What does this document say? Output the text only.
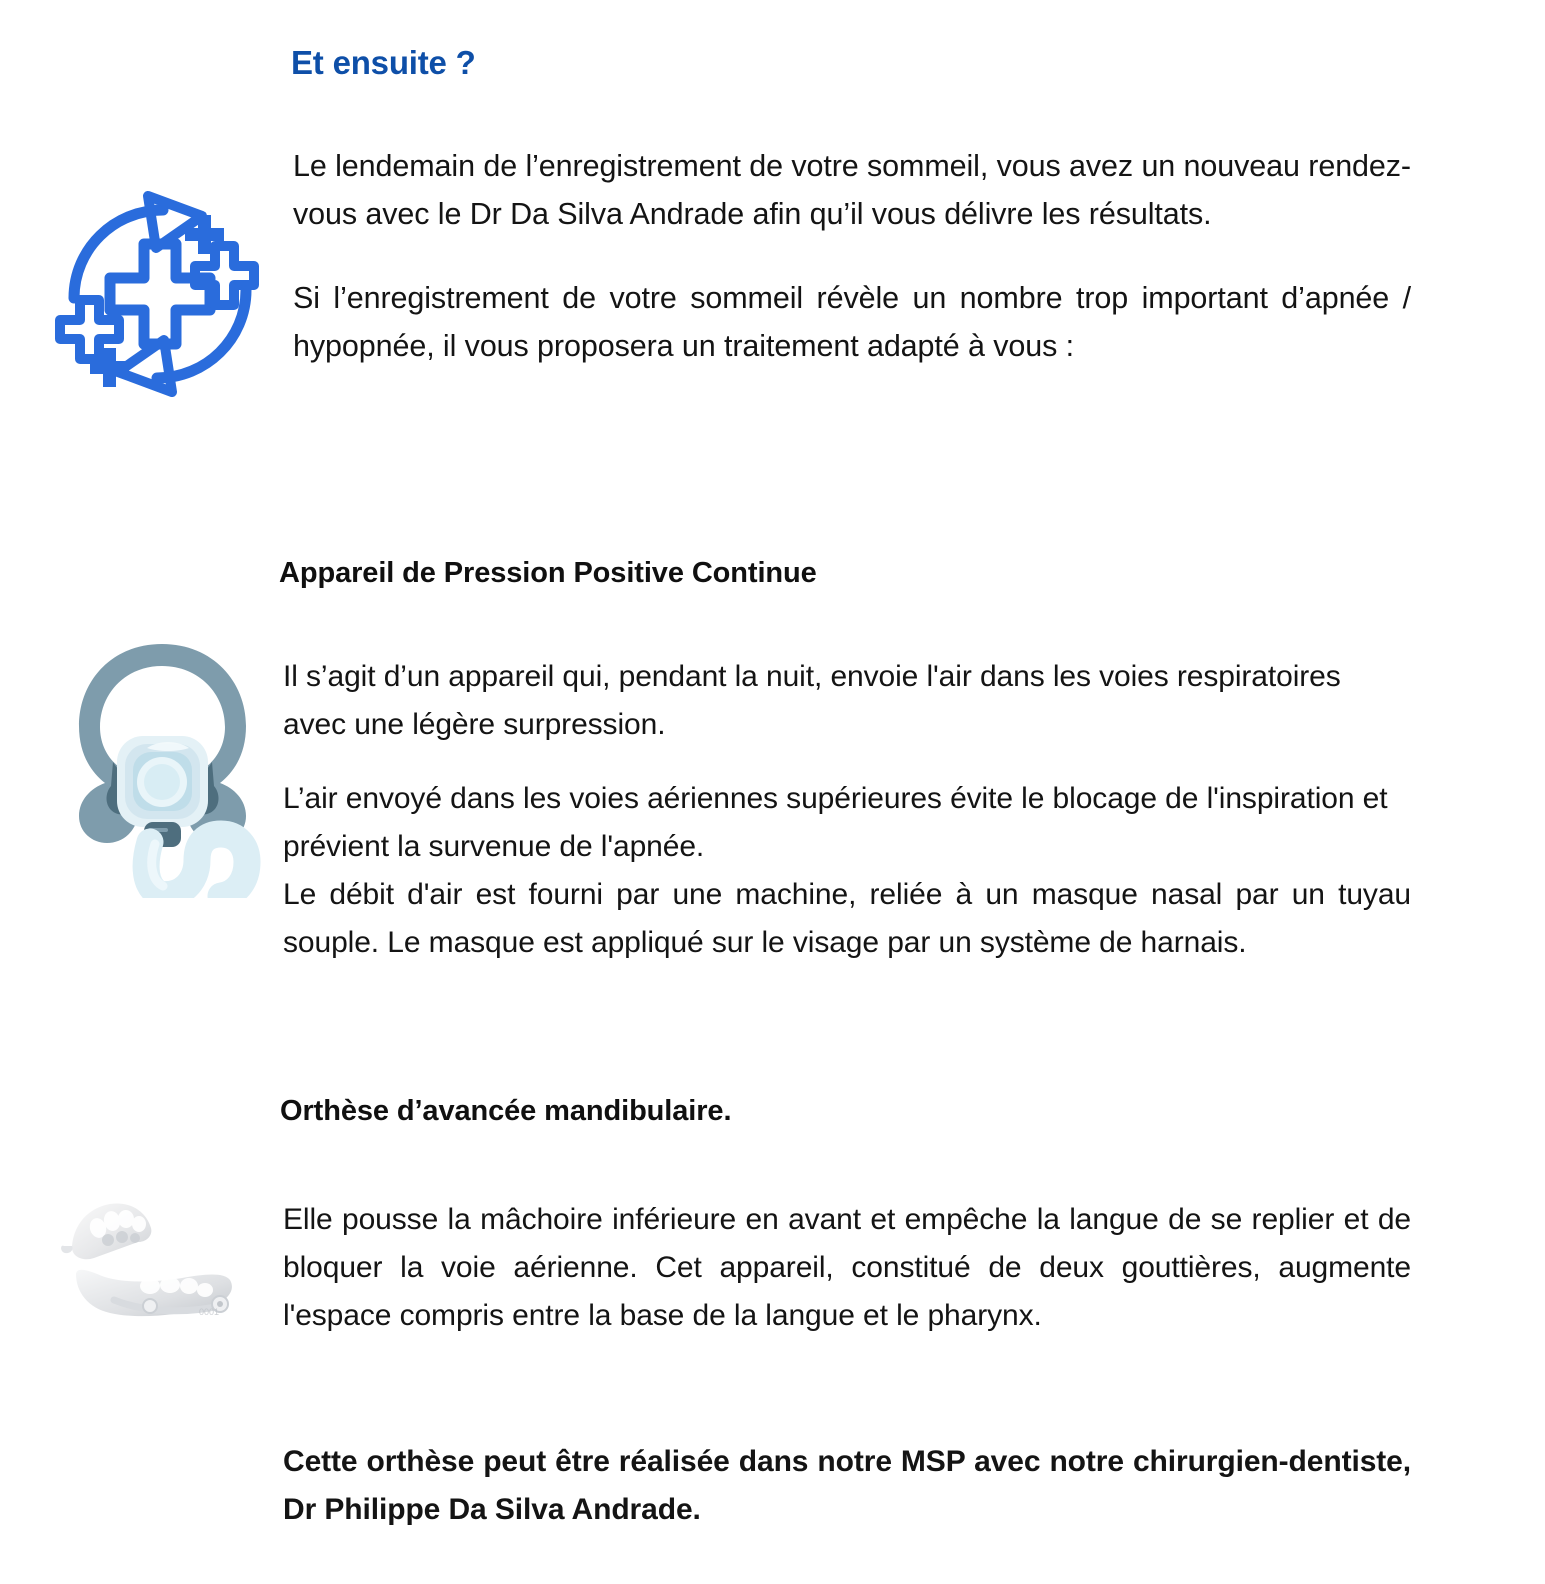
Et ensuite ?

Le lendemain de l’enregistrement de votre sommeil, vous avez un nouveau rendez-vous avec le Dr Da Silva Andrade afin qu’il vous délivre les résultats.

Si l’enregistrement de votre sommeil révèle un nombre trop important d’apnée / hypopnée, il vous proposera un traitement adapté à vous :

Appareil de Pression Positive Continue

Il s’agit d’un appareil qui, pendant la nuit, envoie l'air dans les voies respiratoires avec une légère surpression.

L’air envoyé dans les voies aériennes supérieures évite le blocage de l'inspiration et prévient la survenue de l'apnée.

Le débit d'air est fourni par une machine, reliée à un masque nasal par un tuyau souple. Le masque est appliqué sur le visage par un système de harnais.

Orthèse d’avancée mandibulaire.
0001

Elle pousse la mâchoire inférieure en avant et empêche la langue de se replier et de bloquer la voie aérienne. Cet appareil, constitué de deux gouttières, augmente l'espace compris entre la base de la langue et le pharynx.

Cette orthèse peut être réalisée dans notre MSP avec notre chirurgien-dentiste, Dr Philippe Da Silva Andrade.
